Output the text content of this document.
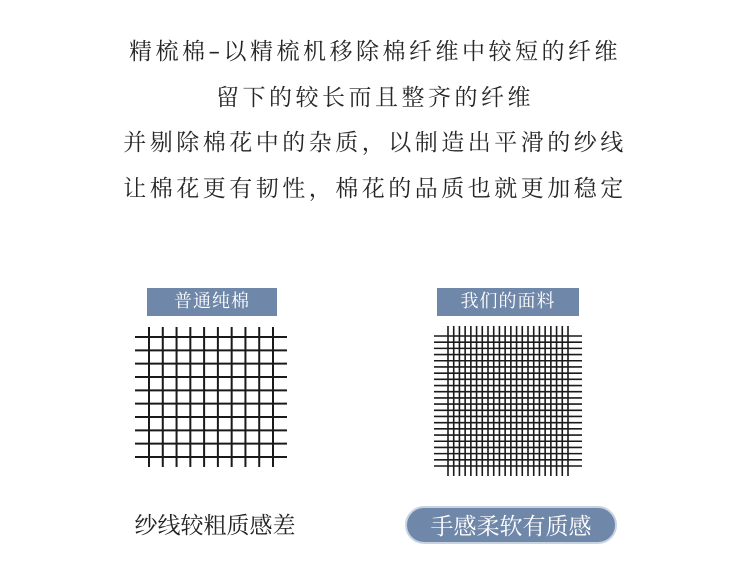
精梳棉–以精梳机移除棉纤维中较短的纤维
留下的较长而且整齐的纤维
并剔除棉花中的杂质，以制造出平滑的纱线
让棉花更有韧性，棉花的品质也就更加稳定
普通纯棉	我们的面料
纱线较粗质感差	手感柔软有质感
